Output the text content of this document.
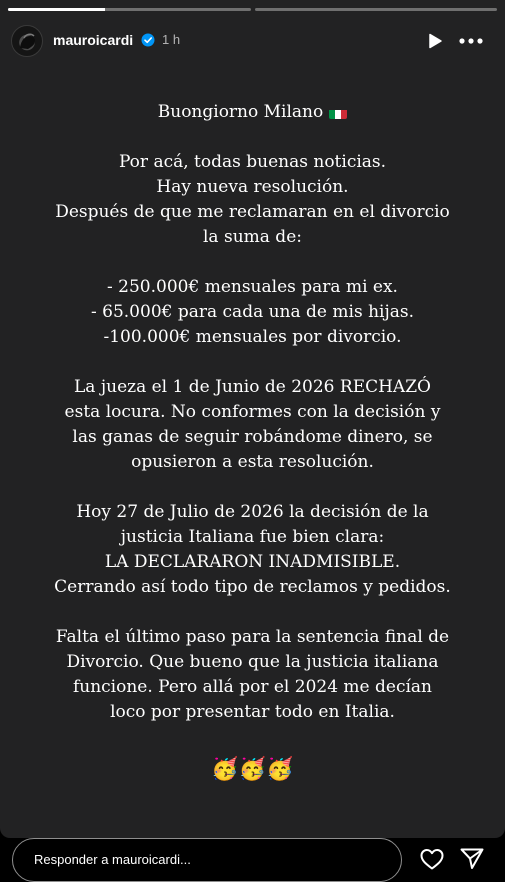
mauroicardi 1 h
Buongiorno Milano
Por acá, todas buenas noticias.
Hay nueva resolución.
Después de que me reclamaran en el divorcio
la suma de:
- 250.000€ mensuales para mi ex.
- 65.000€ para cada una de mis hijas.
-100.000€ mensuales por divorcio.
La jueza el 1 de Junio de 2026 RECHAZÓ
esta locura. No conformes con la decisión y
las ganas de seguir robándome dinero, se
opusieron a esta resolución.
Hoy 27 de Julio de 2026 la decisión de la
justicia Italiana fue bien clara:
LA DECLARARON INADMISIBLE.
Cerrando así todo tipo de reclamos y pedidos.
Falta el último paso para la sentencia final de
Divorcio. Que bueno que la justicia italiana
funcione. Pero allá por el 2024 me decían
loco por presentar todo en Italia.
🥳🥳🥳
Responder a mauroicardi...
